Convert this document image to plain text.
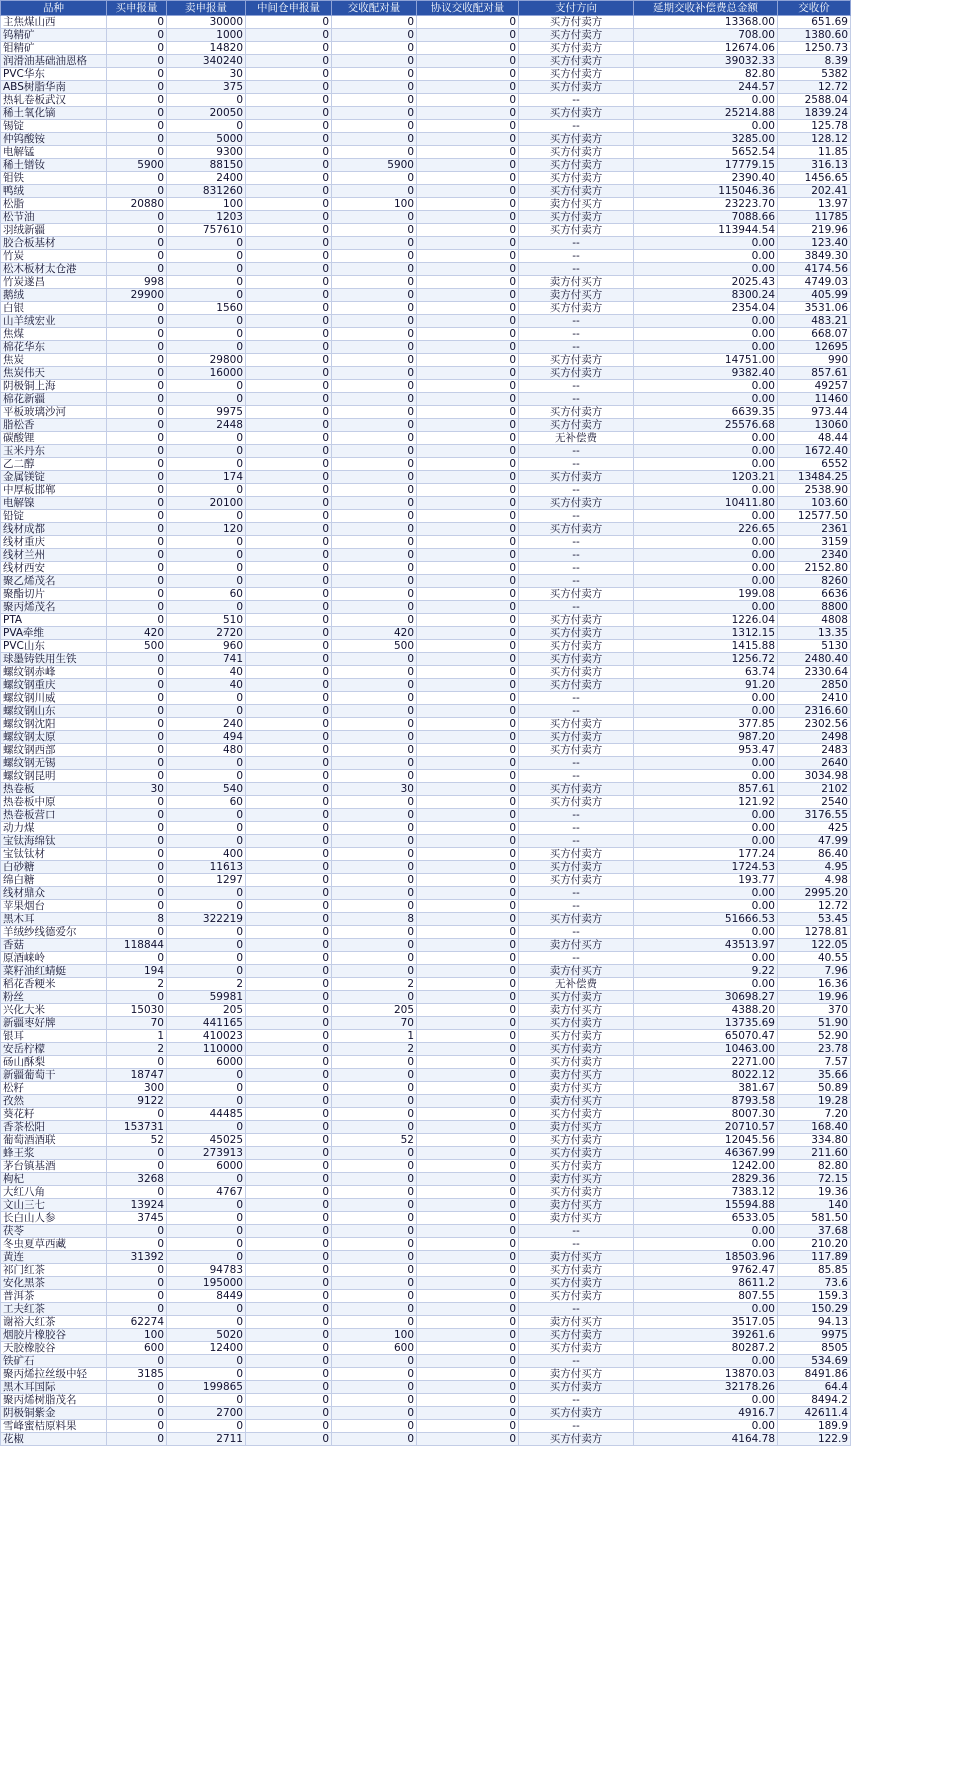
品种	买申报量	卖申报量	中间仓申报量	交收配对量	协议交收配对量	支付方向	延期交收补偿费总金额	交收价
主焦煤山西	0	30000	0	0	0	买方付卖方	13368.00	651.69
钨精矿	0	1000	0	0	0	买方付卖方	708.00	1380.60
钼精矿	0	14820	0	0	0	买方付卖方	12674.06	1250.73
润滑油基础油恩格	0	340240	0	0	0	买方付卖方	39032.33	8.39
PVC华东	0	30	0	0	0	买方付卖方	82.80	5382
ABS树脂华南	0	375	0	0	0	买方付卖方	244.57	12.72
热轧卷板武汉	0	0	0	0	0	--	0.00	2588.04
稀土氧化镝	0	20050	0	0	0	买方付卖方	25214.88	1839.24
锡锭	0	0	0	0	0	--	0.00	125.78
仲钨酸铵	0	5000	0	0	0	买方付卖方	3285.00	128.12
电解锰	0	9300	0	0	0	买方付卖方	5652.54	11.85
稀土镨钕	5900	88150	0	5900	0	买方付卖方	17779.15	316.13
钼铁	0	2400	0	0	0	买方付卖方	2390.40	1456.65
鸭绒	0	831260	0	0	0	买方付卖方	115046.36	202.41
松脂	20880	100	0	100	0	卖方付买方	23223.70	13.97
松节油	0	1203	0	0	0	买方付卖方	7088.66	11785
羽绒新疆	0	757610	0	0	0	买方付卖方	113944.54	219.96
胶合板基材	0	0	0	0	0	--	0.00	123.40
竹炭	0	0	0	0	0	--	0.00	3849.30
松木板材太仓港	0	0	0	0	0	--	0.00	4174.56
竹炭遂昌	998	0	0	0	0	卖方付买方	2025.43	4749.03
鹅绒	29900	0	0	0	0	卖方付买方	8300.24	405.99
白银	0	1560	0	0	0	买方付卖方	2354.04	3531.06
山羊绒宏业	0	0	0	0	0	--	0.00	483.21
焦煤	0	0	0	0	0	--	0.00	668.07
棉花华东	0	0	0	0	0	--	0.00	12695
焦炭	0	29800	0	0	0	买方付卖方	14751.00	990
焦炭伟天	0	16000	0	0	0	买方付卖方	9382.40	857.61
阴极铜上海	0	0	0	0	0	--	0.00	49257
棉花新疆	0	0	0	0	0	--	0.00	11460
平板玻璃沙河	0	9975	0	0	0	买方付卖方	6639.35	973.44
脂松香	0	2448	0	0	0	买方付卖方	25576.68	13060
碳酸锂	0	0	0	0	0	无补偿费	0.00	48.44
玉米丹东	0	0	0	0	0	--	0.00	1672.40
乙二醇	0	0	0	0	0	--	0.00	6552
金属镁锭	0	174	0	0	0	买方付卖方	1203.21	13484.25
中厚板邯郸	0	0	0	0	0	--	0.00	2538.90
电解镍	0	20100	0	0	0	买方付卖方	10411.80	103.60
铅锭	0	0	0	0	0	--	0.00	12577.50
线材成都	0	120	0	0	0	买方付卖方	226.65	2361
线材重庆	0	0	0	0	0	--	0.00	3159
线材兰州	0	0	0	0	0	--	0.00	2340
线材西安	0	0	0	0	0	--	0.00	2152.80
聚乙烯茂名	0	0	0	0	0	--	0.00	8260
聚酯切片	0	60	0	0	0	买方付卖方	199.08	6636
聚丙烯茂名	0	0	0	0	0	--	0.00	8800
PTA	0	510	0	0	0	买方付卖方	1226.04	4808
PVA牵维	420	2720	0	420	0	买方付卖方	1312.15	13.35
PVC山东	500	960	0	500	0	买方付卖方	1415.88	5130
球墨铸铁用生铁	0	741	0	0	0	买方付卖方	1256.72	2480.40
螺纹钢赤峰	0	40	0	0	0	买方付卖方	63.74	2330.64
螺纹钢重庆	0	40	0	0	0	买方付卖方	91.20	2850
螺纹钢川威	0	0	0	0	0	--	0.00	2410
螺纹钢山东	0	0	0	0	0	--	0.00	2316.60
螺纹钢沈阳	0	240	0	0	0	买方付卖方	377.85	2302.56
螺纹钢太原	0	494	0	0	0	买方付卖方	987.20	2498
螺纹钢西部	0	480	0	0	0	买方付卖方	953.47	2483
螺纹钢无锡	0	0	0	0	0	--	0.00	2640
螺纹钢昆明	0	0	0	0	0	--	0.00	3034.98
热卷板	30	540	0	30	0	买方付卖方	857.61	2102
热卷板中原	0	60	0	0	0	买方付卖方	121.92	2540
热卷板营口	0	0	0	0	0	--	0.00	3176.55
动力煤	0	0	0	0	0	--	0.00	425
宝钛海绵钛	0	0	0	0	0	--	0.00	47.99
宝钛钛材	0	400	0	0	0	买方付卖方	177.24	86.40
白砂糖	0	11613	0	0	0	买方付卖方	1724.53	4.95
绵白糖	0	1297	0	0	0	买方付卖方	193.77	4.98
线材鼎众	0	0	0	0	0	--	0.00	2995.20
苹果烟台	0	0	0	0	0	--	0.00	12.72
黑木耳	8	322219	0	8	0	买方付卖方	51666.53	53.45
羊绒纱线德爱尔	0	0	0	0	0	--	0.00	1278.81
香菇	118844	0	0	0	0	卖方付买方	43513.97	122.05
原酒崃岭	0	0	0	0	0	--	0.00	40.55
菜籽油红蜻蜓	194	0	0	0	0	卖方付买方	9.22	7.96
稻花香粳米	2	2	0	2	0	无补偿费	0.00	16.36
粉丝	0	59981	0	0	0	买方付卖方	30698.27	19.96
兴化大米	15030	205	0	205	0	卖方付买方	4388.20	370
新疆枣好牌	70	441165	0	70	0	买方付卖方	13735.69	51.90
银耳	1	410023	0	1	0	买方付卖方	65070.47	52.90
安岳柠檬	2	110000	0	2	0	买方付卖方	10463.00	23.78
砀山酥梨	0	6000	0	0	0	买方付卖方	2271.00	7.57
新疆葡萄干	18747	0	0	0	0	卖方付买方	8022.12	35.66
松籽	300	0	0	0	0	卖方付买方	381.67	50.89
孜然	9122	0	0	0	0	卖方付买方	8793.58	19.28
葵花籽	0	44485	0	0	0	买方付卖方	8007.30	7.20
香茶松阳	153731	0	0	0	0	卖方付买方	20710.57	168.40
葡萄酒酒联	52	45025	0	52	0	买方付卖方	12045.56	334.80
蜂王浆	0	273913	0	0	0	买方付卖方	46367.99	211.60
茅台镇基酒	0	6000	0	0	0	买方付卖方	1242.00	82.80
枸杞	3268	0	0	0	0	卖方付买方	2829.36	72.15
大红八角	0	4767	0	0	0	买方付卖方	7383.12	19.36
文山三七	13924	0	0	0	0	卖方付买方	15594.88	140
长白山人参	3745	0	0	0	0	卖方付买方	6533.05	581.50
茯苓	0	0	0	0	0	--	0.00	37.68
冬虫夏草西藏	0	0	0	0	0	--	0.00	210.20
黄连	31392	0	0	0	0	卖方付买方	18503.96	117.89
祁门红茶	0	94783	0	0	0	买方付卖方	9762.47	85.85
安化黑茶	0	195000	0	0	0	买方付卖方	8611.2	73.6
普洱茶	0	8449	0	0	0	买方付卖方	807.55	159.3
工夫红茶	0	0	0	0	0	--	0.00	150.29
谢裕大红茶	62274	0	0	0	0	卖方付买方	3517.05	94.13
烟胶片橡胶谷	100	5020	0	100	0	买方付卖方	39261.6	9975
天胶橡胶谷	600	12400	0	600	0	买方付卖方	80287.2	8505
铁矿石	0	0	0	0	0	--	0.00	534.69
聚丙烯拉丝级中轻	3185	0	0	0	0	卖方付买方	13870.03	8491.86
黑木耳国际	0	199865	0	0	0	买方付卖方	32178.26	64.4
聚丙烯树脂茂名	0	0	0	0	0	--	0.00	8494.2
阴极铜紫金	0	2700	0	0	0	买方付卖方	4916.7	42611.4
雪峰蜜桔原料果	0	0	0	0	0	--	0.00	189.9
花椒	0	2711	0	0	0	买方付卖方	4164.78	122.9
